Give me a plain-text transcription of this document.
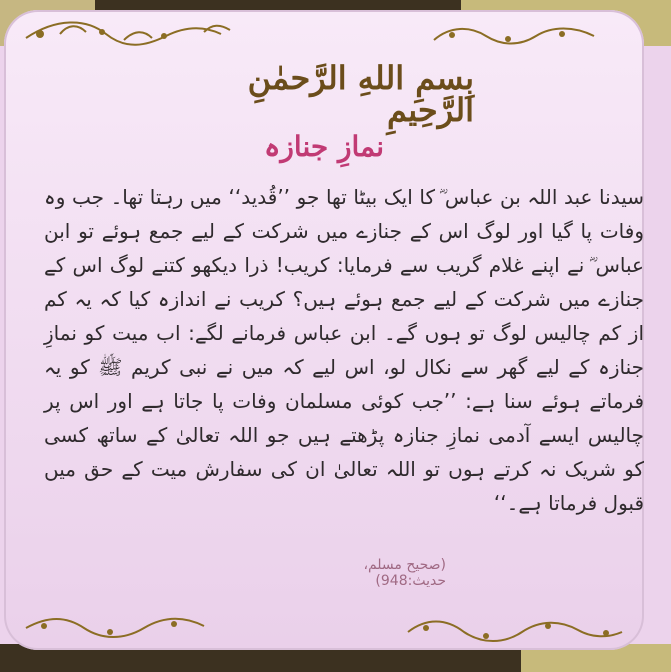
بِسمِ اللهِ الرَّحمٰنِ الرَّحِيمِ
نمازِ جنازہ
سیدنا عبد اللہ بن عباس ؓ کا ایک بیٹا تھا جو ’’قُدید‘‘ میں رہتا تھا۔ جب وہ وفات پا گیا اور لوگ اس کے جنازے میں شرکت کے لیے جمع ہوئے تو ابن عباس ؓ نے اپنے غلام گریب سے فرمایا: کریب! ذرا دیکھو کتنے لوگ اس کے جنازے میں شرکت کے لیے جمع ہوئے ہیں؟ کریب نے اندازہ کیا کہ یہ کم از کم چالیس لوگ تو ہوں گے۔ ابن عباس فرمانے لگے: اب میت کو نمازِ جنازہ کے لیے گھر سے نکال لو، اس لیے کہ میں نے نبی کریم ﷺ کو یہ فرماتے ہوئے سنا ہے: ’’جب کوئی مسلمان وفات پا جاتا ہے اور اس پر چالیس ایسے آدمی نمازِ جنازہ پڑھتے ہیں جو اللہ تعالیٰ کے ساتھ کسی کو شریک نہ کرتے ہوں تو اللہ تعالیٰ ان کی سفارش میت کے حق میں قبول فرماتا ہے۔‘‘
(صحیح مسلم، حدیث:948)
